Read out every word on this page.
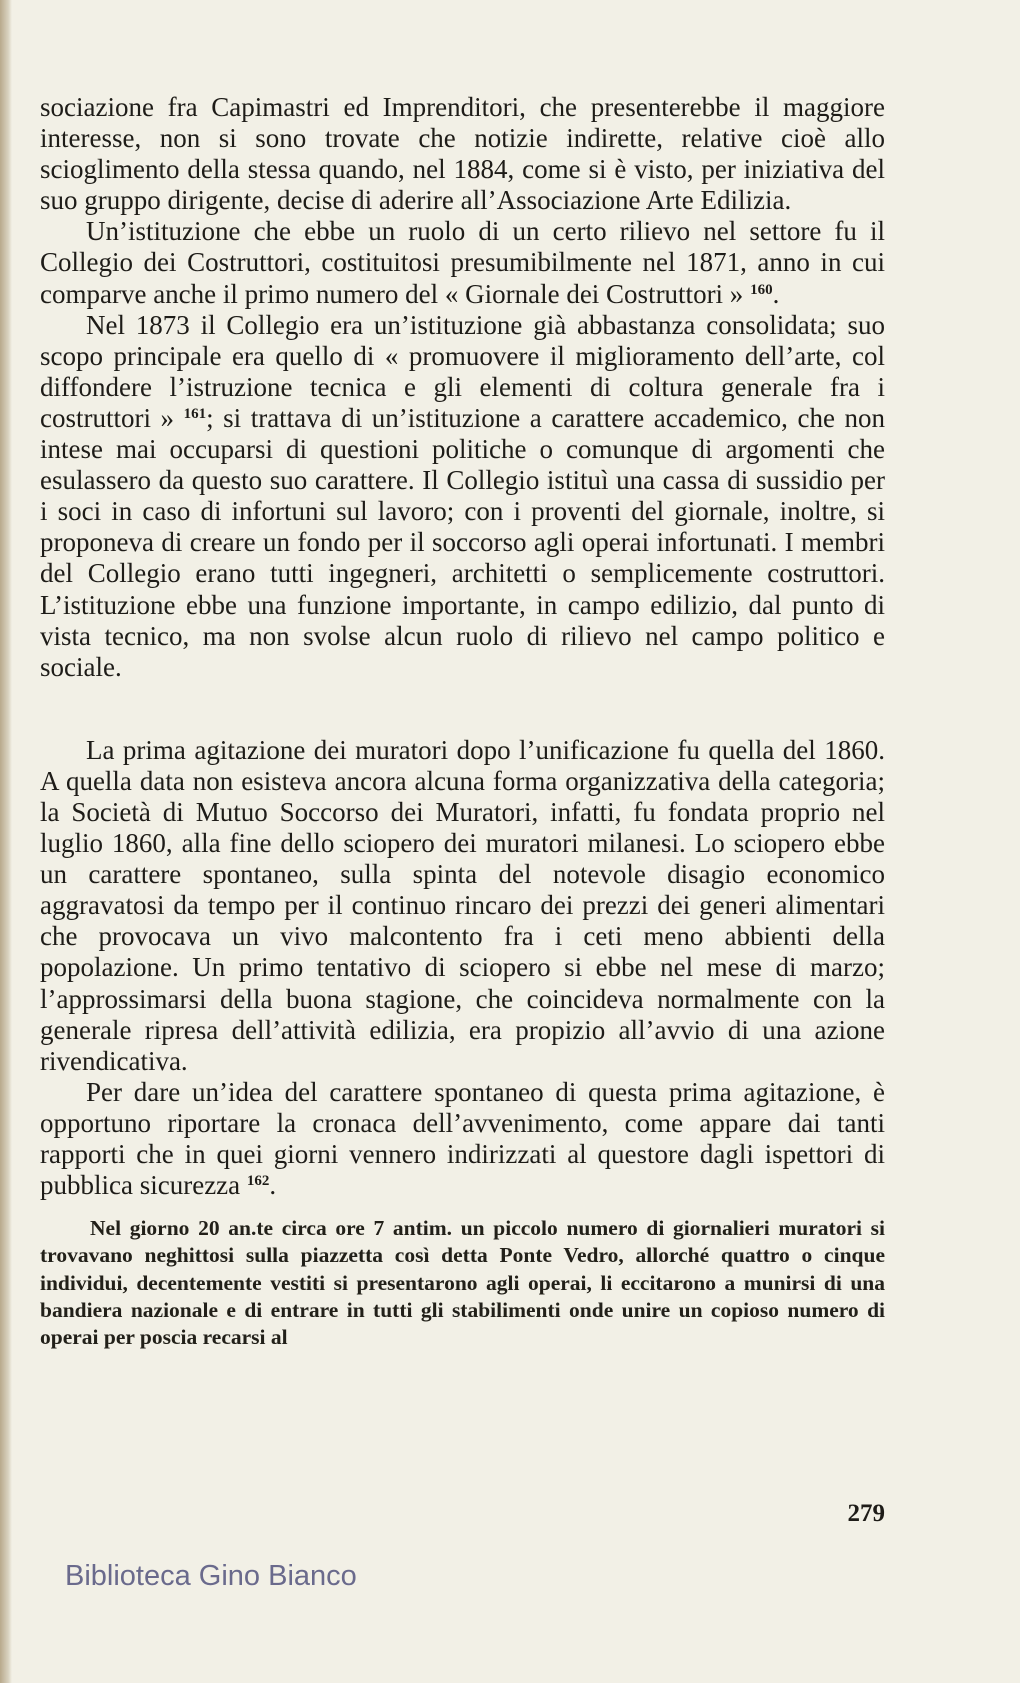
sociazione fra Capimastri ed Imprenditori, che presenterebbe il maggiore interesse, non si sono trovate che notizie indirette, relative cioè allo scioglimento della stessa quando, nel 1884, come si è visto, per iniziativa del suo gruppo dirigente, decise di aderire all’Associazione Arte Edilizia.

Un’istituzione che ebbe un ruolo di un certo rilievo nel settore fu il Collegio dei Costruttori, costituitosi presumibilmente nel 1871, anno in cui comparve anche il primo numero del « Giornale dei Costruttori » $^{160}$.

Nel 1873 il Collegio era un’istituzione già abbastanza consolidata; suo scopo principale era quello di « promuovere il miglioramento dell’arte, col diffondere l’istruzione tecnica e gli elementi di coltura generale fra i costruttori » $^{161}$; si trattava di un’istituzione a carattere accademico, che non intese mai occuparsi di questioni politiche o comunque di argomenti che esulassero da questo suo carattere. Il Collegio istituì una cassa di sussidio per i soci in caso di infortuni sul lavoro; con i proventi del giornale, inoltre, si proponeva di creare un fondo per il soccorso agli operai infortunati. I membri del Collegio erano tutti ingegneri, architetti o semplicemente costruttori. L’istituzione ebbe una funzione importante, in campo edilizio, dal punto di vista tecnico, ma non svolse alcun ruolo di rilievo nel campo politico e sociale.

La prima agitazione dei muratori dopo l’unificazione fu quella del 1860. A quella data non esisteva ancora alcuna forma organizzativa della categoria; la Società di Mutuo Soccorso dei Muratori, infatti, fu fondata proprio nel luglio 1860, alla fine dello sciopero dei muratori milanesi. Lo sciopero ebbe un carattere spontaneo, sulla spinta del notevole disagio economico aggravatosi da tempo per il continuo rincaro dei prezzi dei generi alimentari che provocava un vivo malcontento fra i ceti meno abbienti della popolazione. Un primo tentativo di sciopero si ebbe nel mese di marzo; l’approssimarsi della buona stagione, che coincideva normalmente con la generale ripresa dell’attività edilizia, era propizio all’avvio di una azione rivendicativa.

Per dare un’idea del carattere spontaneo di questa prima agitazione, è opportuno riportare la cronaca dell’avvenimento, come appare dai tanti rapporti che in quei giorni vennero indirizzati al questore dagli ispettori di pubblica sicurezza $^{162}$.

Nel giorno 20 an.te circa ore 7 antim. un piccolo numero di giornalieri muratori si trovavano neghittosi sulla piazzetta così detta Ponte Vedro, allorché quattro o cinque individui, decentemente vestiti si presentarono agli operai, li eccitarono a munirsi di una bandiera nazionale e di entrare in tutti gli stabilimenti onde unire un copioso numero di operai per poscia recarsi al

279
Biblioteca Gino Bianco
